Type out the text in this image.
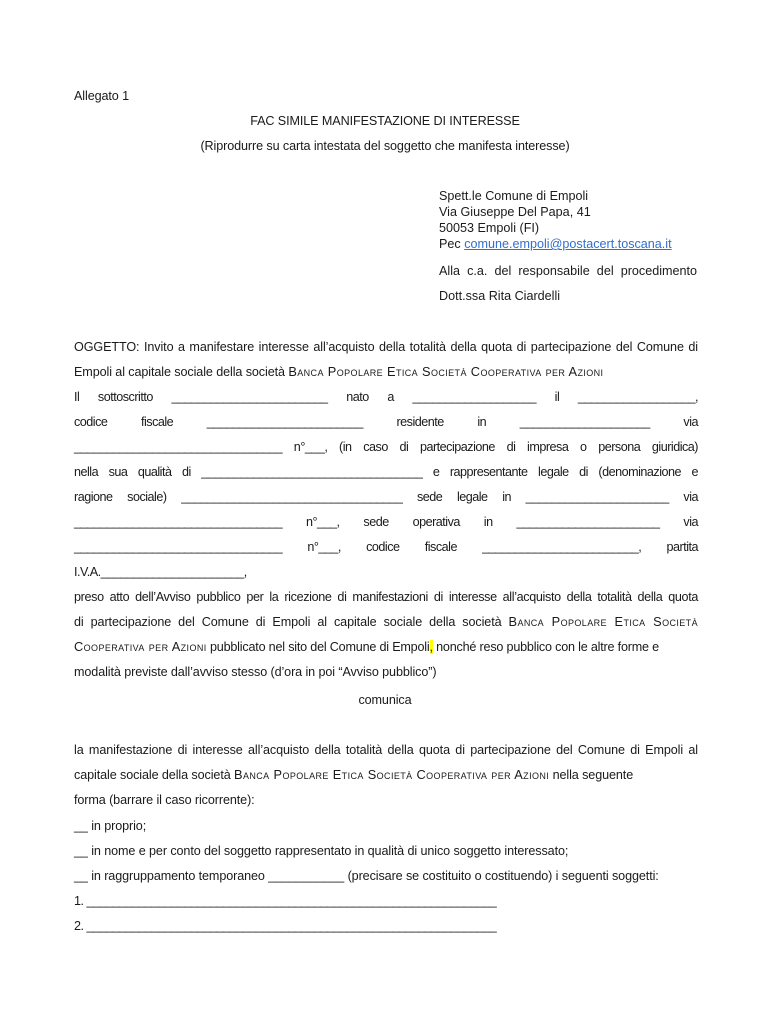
Allegato 1
FAC SIMILE MANIFESTAZIONE DI INTERESSE
(Riprodurre su carta intestata del soggetto che manifesta interesse)
Spett.le Comune di Empoli
Via Giuseppe Del Papa, 41
50053 Empoli (FI)
Pec comune.empoli@postacert.toscana.it
Alla c.a. del responsabile del procedimento
Dott.ssa Rita Ciardelli
OGGETTO: Invito a manifestare interesse all’acquisto della totalità della quota di partecipazione del Comune di
Empoli al capitale sociale della società Banca Popolare Etica Società Cooperativa per Azioni
Il sottoscritto ________________________ nato a ___________________ il __________________,
codice fiscale ________________________ residente in ____________________ via
________________________________ n°___, (in caso di partecipazione di impresa o persona giuridica)
nella sua qualità di __________________________________ e rappresentante legale di (denominazione e
ragione sociale) __________________________________ sede legale in ______________________ via
________________________________ n°___, sede operativa in ______________________ via
________________________________ n°___, codice fiscale ________________________, partita
I.V.A.______________________,
preso atto dell’Avviso pubblico per la ricezione di manifestazioni di interesse all’acquisto della totalità della quota
di partecipazione del Comune di Empoli al capitale sociale della società Banca Popolare Etica Società
Cooperativa per Azioni pubblicato nel sito del Comune di Empoli, nonché reso pubblico con le altre forme e
modalità previste dall’avviso stesso (d’ora in poi “Avviso pubblico”)
comunica
la manifestazione di interesse all’acquisto della totalità della quota di partecipazione del Comune di Empoli al
capitale sociale della società Banca Popolare Etica Società Cooperativa per Azioni nella seguente
forma (barrare il caso ricorrente):
__ in proprio;
__ in nome e per conto del soggetto rappresentato in qualità di unico soggetto interessato;
__ in raggruppamento temporaneo ___________ (precisare se costituito o costituendo) i seguenti soggetti:
1. _______________________________________________________________
2. _______________________________________________________________
